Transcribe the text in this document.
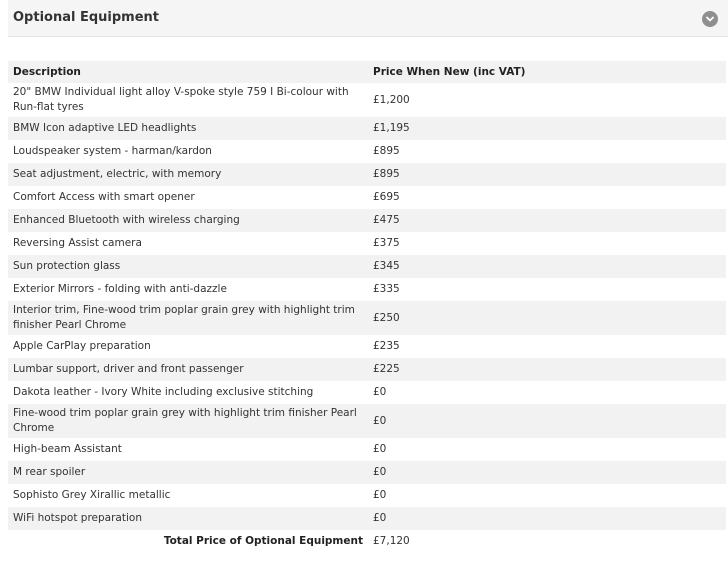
Optional Equipment
Description	Price When New (inc VAT)
20" BMW Individual light alloy V-spoke style 759 I Bi-colour with Run-flat tyres	£1,200
BMW Icon adaptive LED headlights	£1,195
Loudspeaker system - harman/kardon	£895
Seat adjustment, electric, with memory	£895
Comfort Access with smart opener	£695
Enhanced Bluetooth with wireless charging	£475
Reversing Assist camera	£375
Sun protection glass	£345
Exterior Mirrors - folding with anti-dazzle	£335
Interior trim, Fine-wood trim poplar grain grey with highlight trim finisher Pearl Chrome	£250
Apple CarPlay preparation	£235
Lumbar support, driver and front passenger	£225
Dakota leather - Ivory White including exclusive stitching	£0
Fine-wood trim poplar grain grey with highlight trim finisher Pearl Chrome	£0
High-beam Assistant	£0
M rear spoiler	£0
Sophisto Grey Xirallic metallic	£0
WiFi hotspot preparation	£0
Total Price of Optional Equipment	£7,120
